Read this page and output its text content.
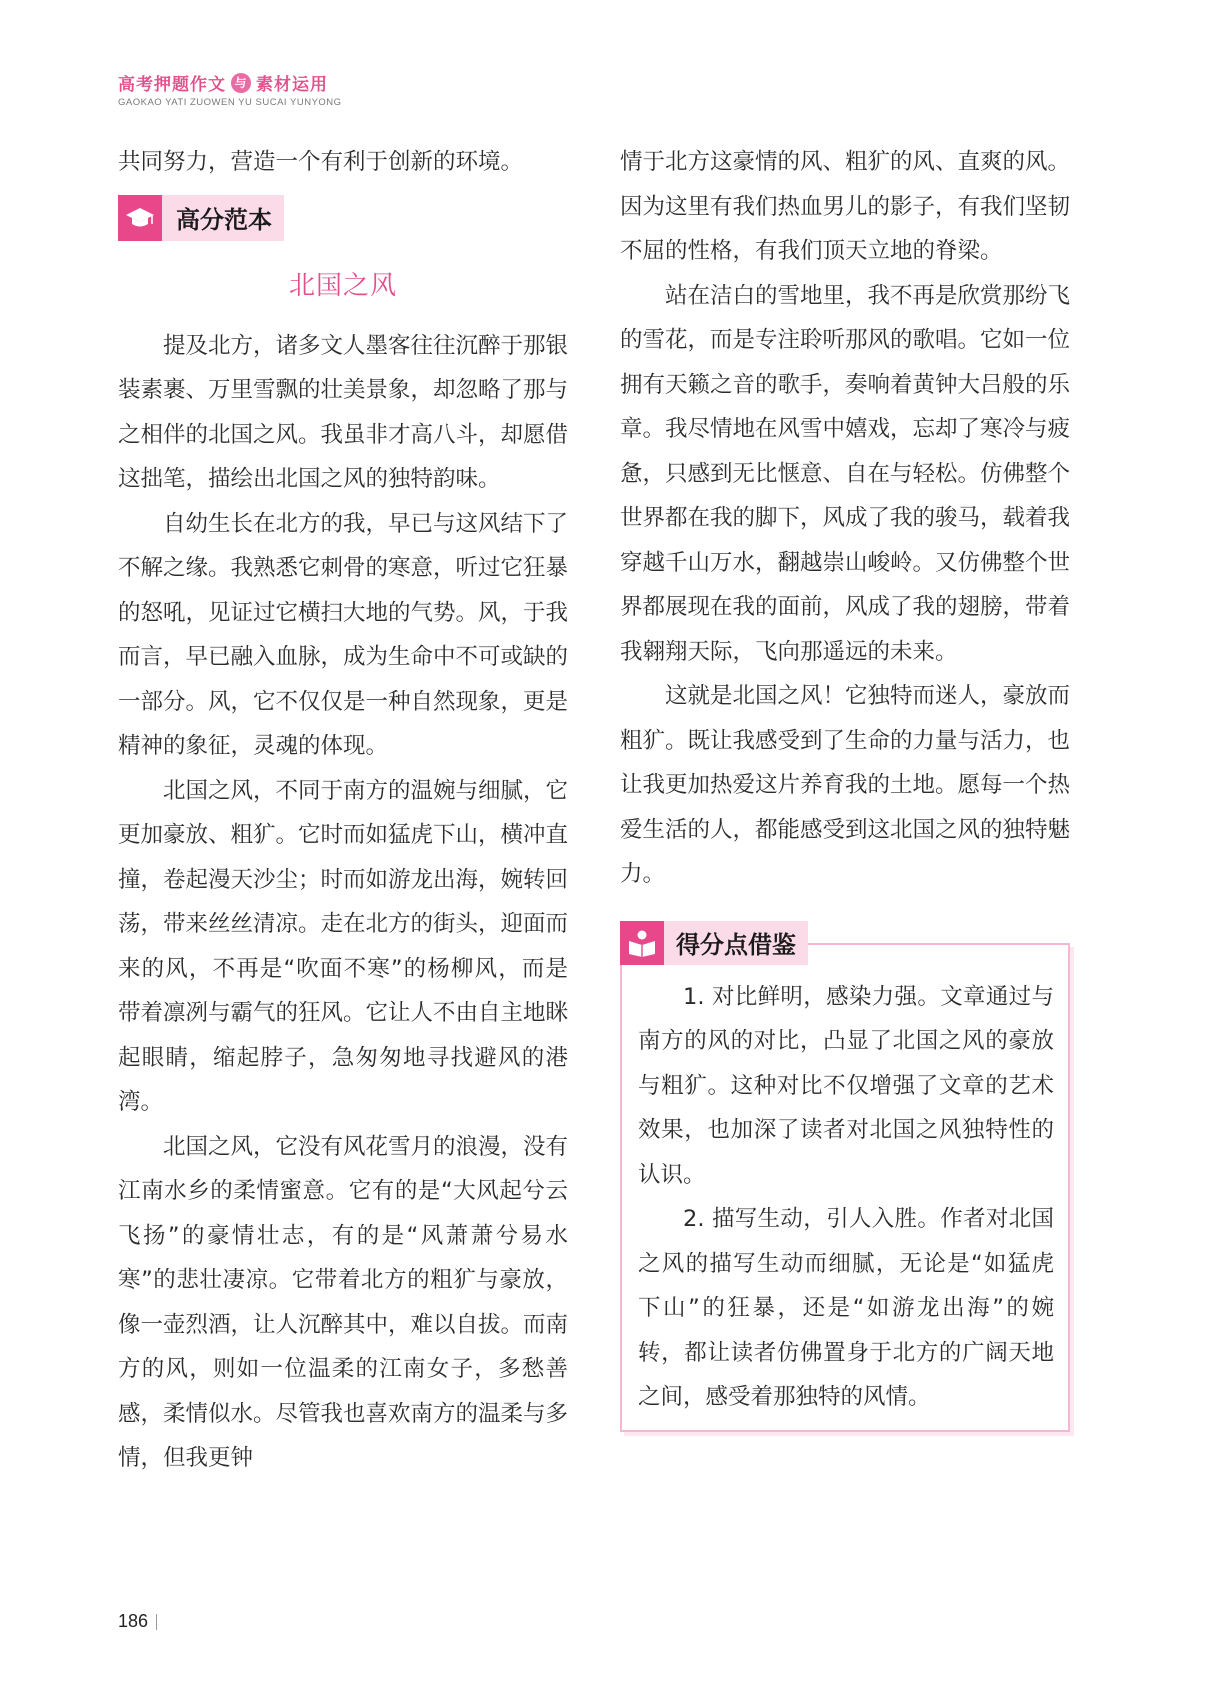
高考押题作文 与 素材运用
GAOKAO YATI ZUOWEN YU SUCAI YUNYONG

共同努力，营造一个有利于创新的环境。

高分范本
北国之风

提及北方，诸多文人墨客往往沉醉于那银装素裹、万里雪飘的壮美景象，却忽略了那与之相伴的北国之风。我虽非才高八斗，却愿借这拙笔，描绘出北国之风的独特韵味。

自幼生长在北方的我，早已与这风结下了不解之缘。我熟悉它刺骨的寒意，听过它狂暴的怒吼，见证过它横扫大地的气势。风，于我而言，早已融入血脉，成为生命中不可或缺的一部分。风，它不仅仅是一种自然现象，更是精神的象征，灵魂的体现。

北国之风，不同于南方的温婉与细腻，它更加豪放、粗犷。它时而如猛虎下山，横冲直撞，卷起漫天沙尘；时而如游龙出海，婉转回荡，带来丝丝清凉。走在北方的街头，迎面而来的风，不再是“吹面不寒”的杨柳风，而是带着凛冽与霸气的狂风。它让人不由自主地眯起眼睛，缩起脖子，急匆匆地寻找避风的港湾。

北国之风，它没有风花雪月的浪漫，没有江南水乡的柔情蜜意。它有的是“大风起兮云飞扬”的豪情壮志，有的是“风萧萧兮易水寒”的悲壮凄凉。它带着北方的粗犷与豪放，像一壶烈酒，让人沉醉其中，难以自拔。而南方的风，则如一位温柔的江南女子，多愁善感，柔情似水。尽管我也喜欢南方的温柔与多情，但我更钟

情于北方这豪情的风、粗犷的风、直爽的风。因为这里有我们热血男儿的影子，有我们坚韧不屈的性格，有我们顶天立地的脊梁。

站在洁白的雪地里，我不再是欣赏那纷飞的雪花，而是专注聆听那风的歌唱。它如一位拥有天籁之音的歌手，奏响着黄钟大吕般的乐章。我尽情地在风雪中嬉戏，忘却了寒冷与疲惫，只感到无比惬意、自在与轻松。仿佛整个世界都在我的脚下，风成了我的骏马，载着我穿越千山万水，翻越崇山峻岭。又仿佛整个世界都展现在我的面前，风成了我的翅膀，带着我翱翔天际，飞向那遥远的未来。

这就是北国之风！它独特而迷人，豪放而粗犷。既让我感受到了生命的力量与活力，也让我更加热爱这片养育我的土地。愿每一个热爱生活的人，都能感受到这北国之风的独特魅力。

得分点借鉴

1. 对比鲜明，感染力强。文章通过与南方的风的对比，凸显了北国之风的豪放与粗犷。这种对比不仅增强了文章的艺术效果，也加深了读者对北国之风独特性的认识。

2. 描写生动，引人入胜。作者对北国之风的描写生动而细腻，无论是“如猛虎下山”的狂暴，还是“如游龙出海”的婉转，都让读者仿佛置身于北方的广阔天地之间，感受着那独特的风情。

186
